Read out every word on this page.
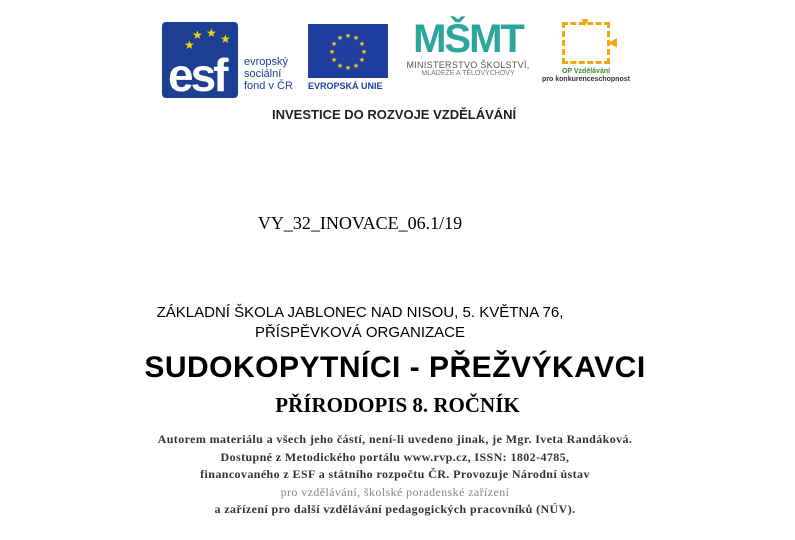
★ ★ ★
★
esf evropský
sociální
fond v ČR
★ ★
★
★
★
★
★
★
★
★
★
★
EVROPSKÁ UNIE
MŠMT
MINISTERSTVO ŠKOLSTVÍ,
MLÁDEŽE A TĚLOVÝCHOVY
▼
◀
OP Vzdělávání
pro konkurenceschopnost
INVESTICE DO ROZVOJE VZDĚLÁVÁNÍ
VY_32_INOVACE_06.1/19
ZÁKLADNÍ ŠKOLA JABLONEC NAD NISOU, 5. KVĚTNA 76,
PŘÍSPĚVKOVÁ ORGANIZACE
SUDOKOPYTNÍCI - PŘEŽVÝKAVCI
PŘÍRODOPIS 8. ROČNÍK
Autorem materiálu a všech jeho částí, není-li uvedeno jinak, je Mgr. Iveta Randáková.
Dostupné z Metodického portálu www.rvp.cz, ISSN: 1802-4785,
financovaného z ESF a státního rozpočtu ČR. Provozuje Národní ústav
pro vzdělávání, školské poradenské zařízení
a zařízení pro další vzdělávání pedagogických pracovníků (NÚV).
